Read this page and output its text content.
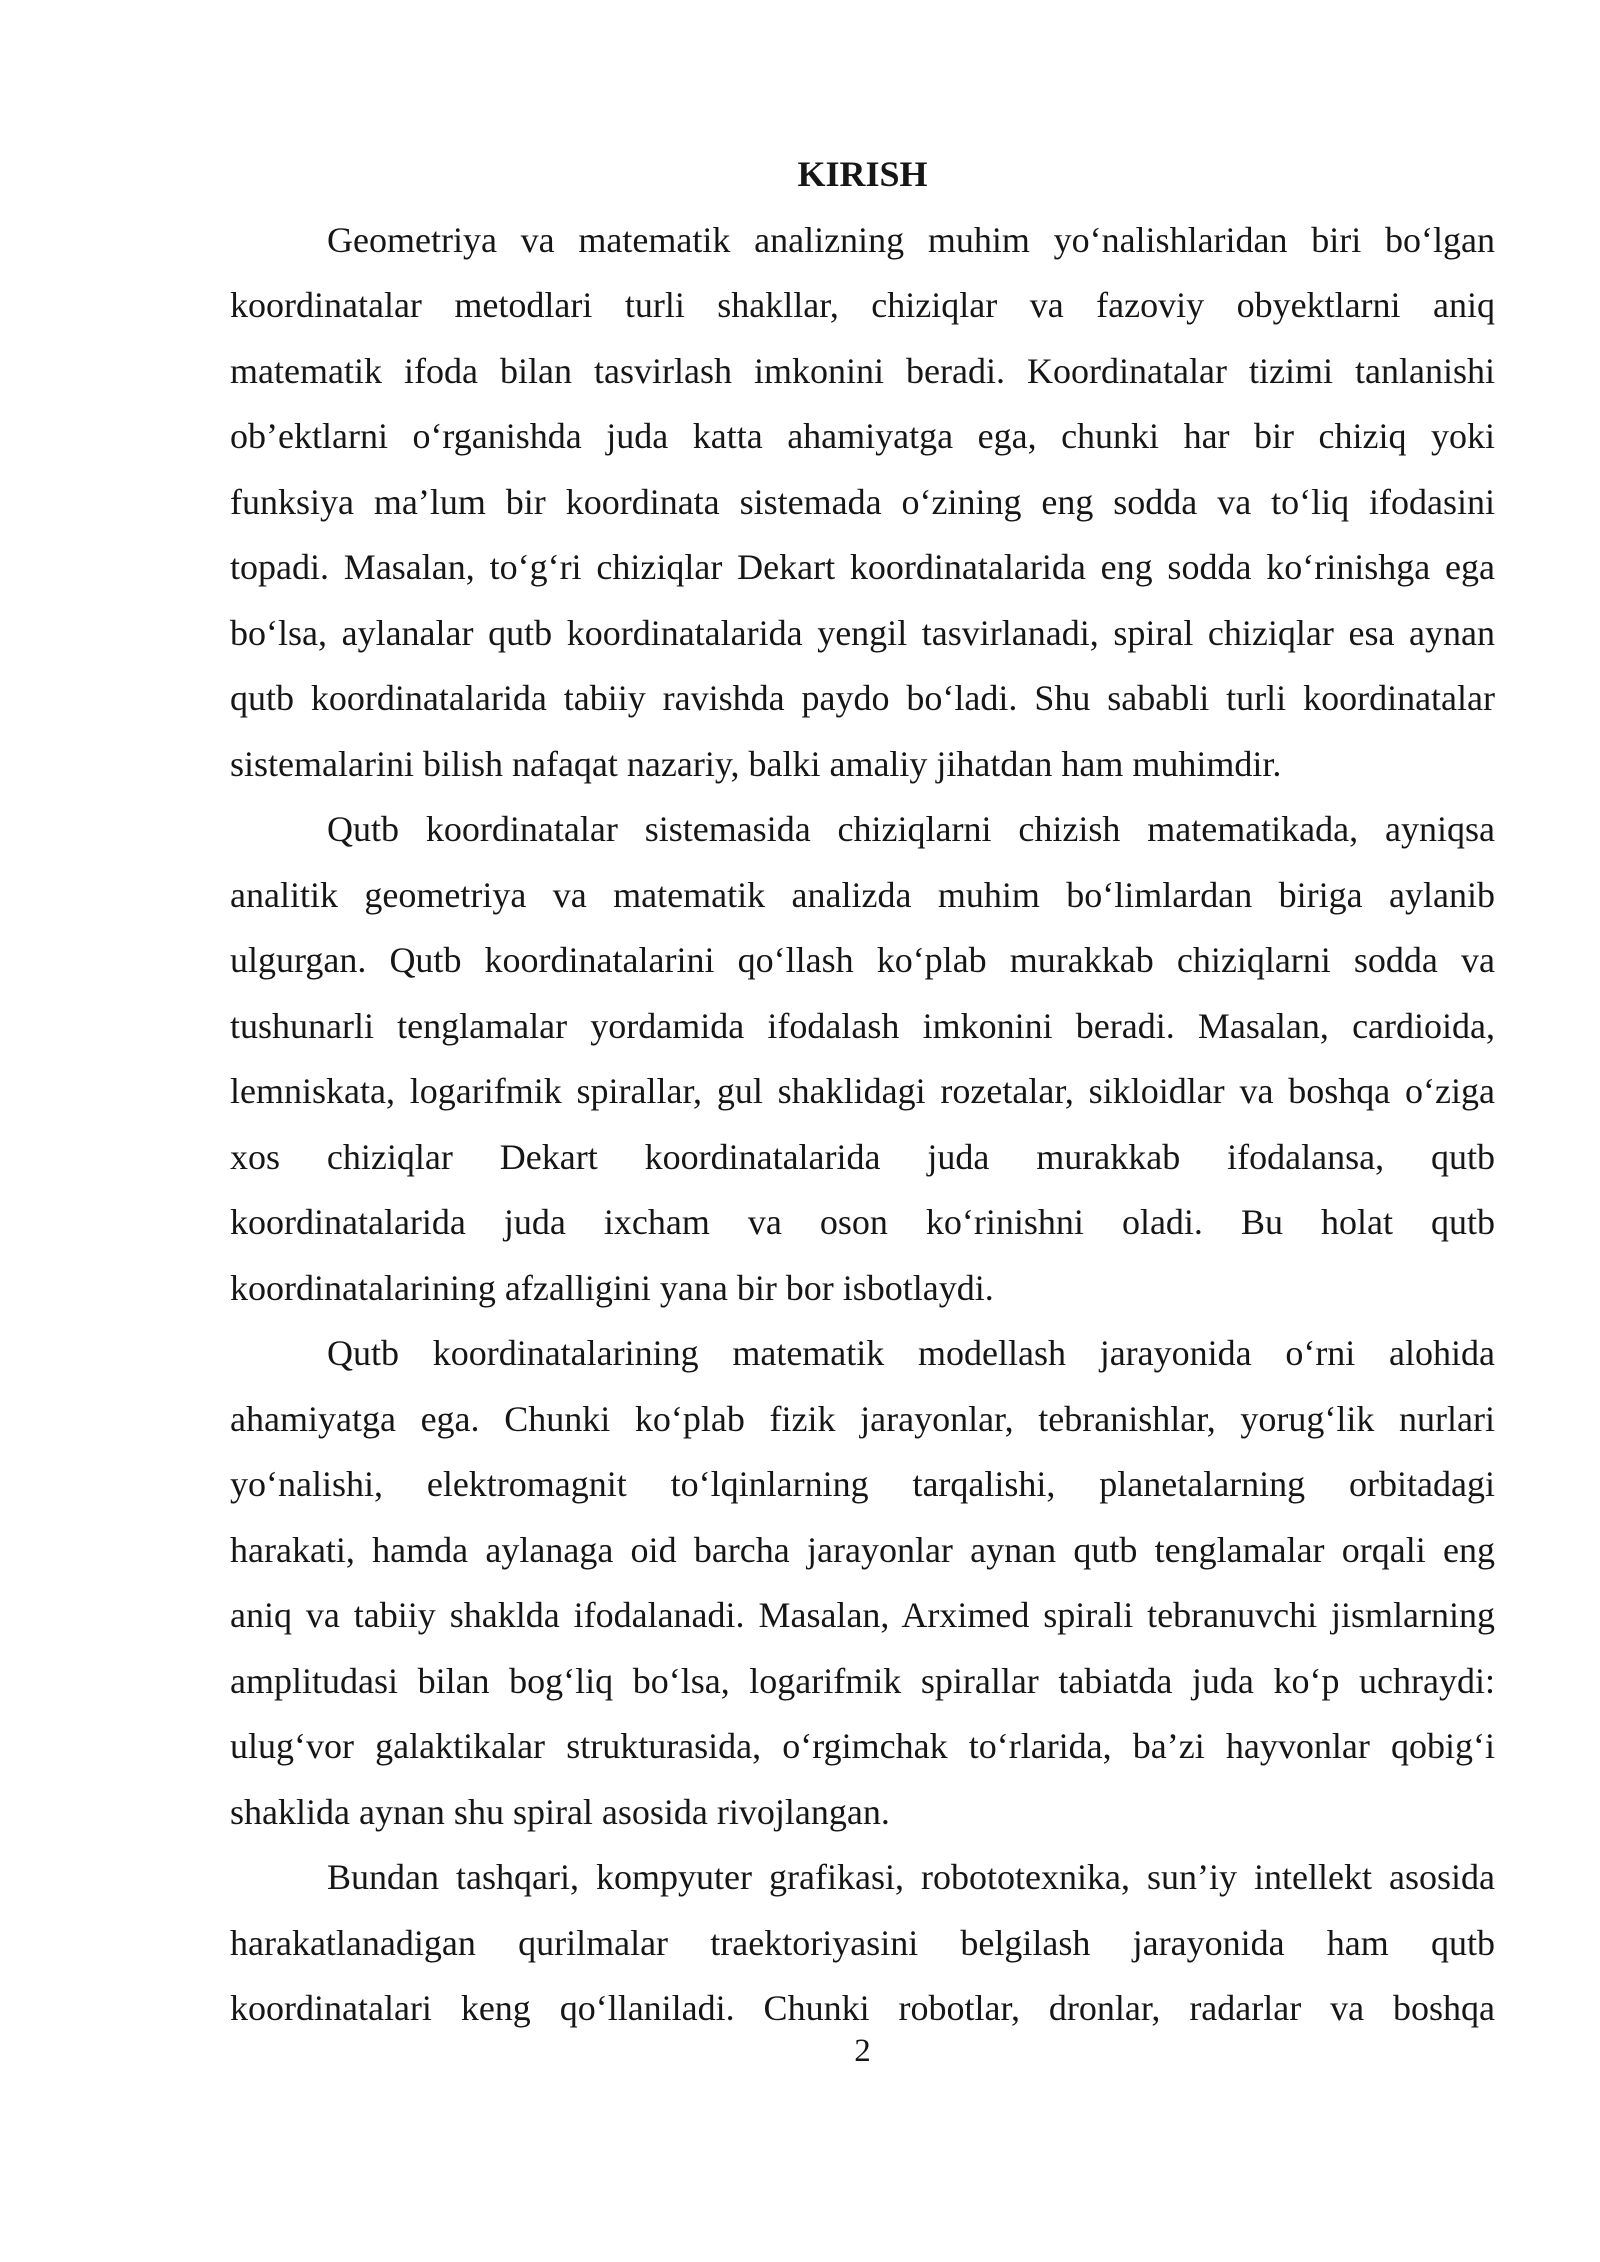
KIRISH
Geometriya va matematik analizning muhim yo‘nalishlaridan biri bo‘lgan
koordinatalar metodlari turli shakllar, chiziqlar va fazoviy obyektlarni aniq
matematik ifoda bilan tasvirlash imkonini beradi. Koordinatalar tizimi tanlanishi
ob’ektlarni o‘rganishda juda katta ahamiyatga ega, chunki har bir chiziq yoki
funksiya ma’lum bir koordinata sistemada o‘zining eng sodda va to‘liq ifodasini
topadi. Masalan, to‘g‘ri chiziqlar Dekart koordinatalarida eng sodda ko‘rinishga ega
bo‘lsa, aylanalar qutb koordinatalarida yengil tasvirlanadi, spiral chiziqlar esa aynan
qutb koordinatalarida tabiiy ravishda paydo bo‘ladi. Shu sababli turli koordinatalar
sistemalarini bilish nafaqat nazariy, balki amaliy jihatdan ham muhimdir.
Qutb koordinatalar sistemasida chiziqlarni chizish matematikada, ayniqsa
analitik geometriya va matematik analizda muhim bo‘limlardan biriga aylanib
ulgurgan. Qutb koordinatalarini qo‘llash ko‘plab murakkab chiziqlarni sodda va
tushunarli tenglamalar yordamida ifodalash imkonini beradi. Masalan, cardioida,
lemniskata, logarifmik spirallar, gul shaklidagi rozetalar, sikloidlar va boshqa o‘ziga
xos chiziqlar Dekart koordinatalarida juda murakkab ifodalansa, qutb
koordinatalarida juda ixcham va oson ko‘rinishni oladi. Bu holat qutb
koordinatalarining afzalligini yana bir bor isbotlaydi.
Qutb koordinatalarining matematik modellash jarayonida o‘rni alohida
ahamiyatga ega. Chunki ko‘plab fizik jarayonlar, tebranishlar, yorug‘lik nurlari
yo‘nalishi, elektromagnit to‘lqinlarning tarqalishi, planetalarning orbitadagi
harakati, hamda aylanaga oid barcha jarayonlar aynan qutb tenglamalar orqali eng
aniq va tabiiy shaklda ifodalanadi. Masalan, Arximed spirali tebranuvchi jismlarning
amplitudasi bilan bog‘liq bo‘lsa, logarifmik spirallar tabiatda juda ko‘p uchraydi:
ulug‘vor galaktikalar strukturasida, o‘rgimchak to‘rlarida, ba’zi hayvonlar qobig‘i
shaklida aynan shu spiral asosida rivojlangan.
Bundan tashqari, kompyuter grafikasi, robototexnika, sun’iy intellekt asosida
harakatlanadigan qurilmalar traektoriyasini belgilash jarayonida ham qutb
koordinatalari keng qo‘llaniladi. Chunki robotlar, dronlar, radarlar va boshqa
2
